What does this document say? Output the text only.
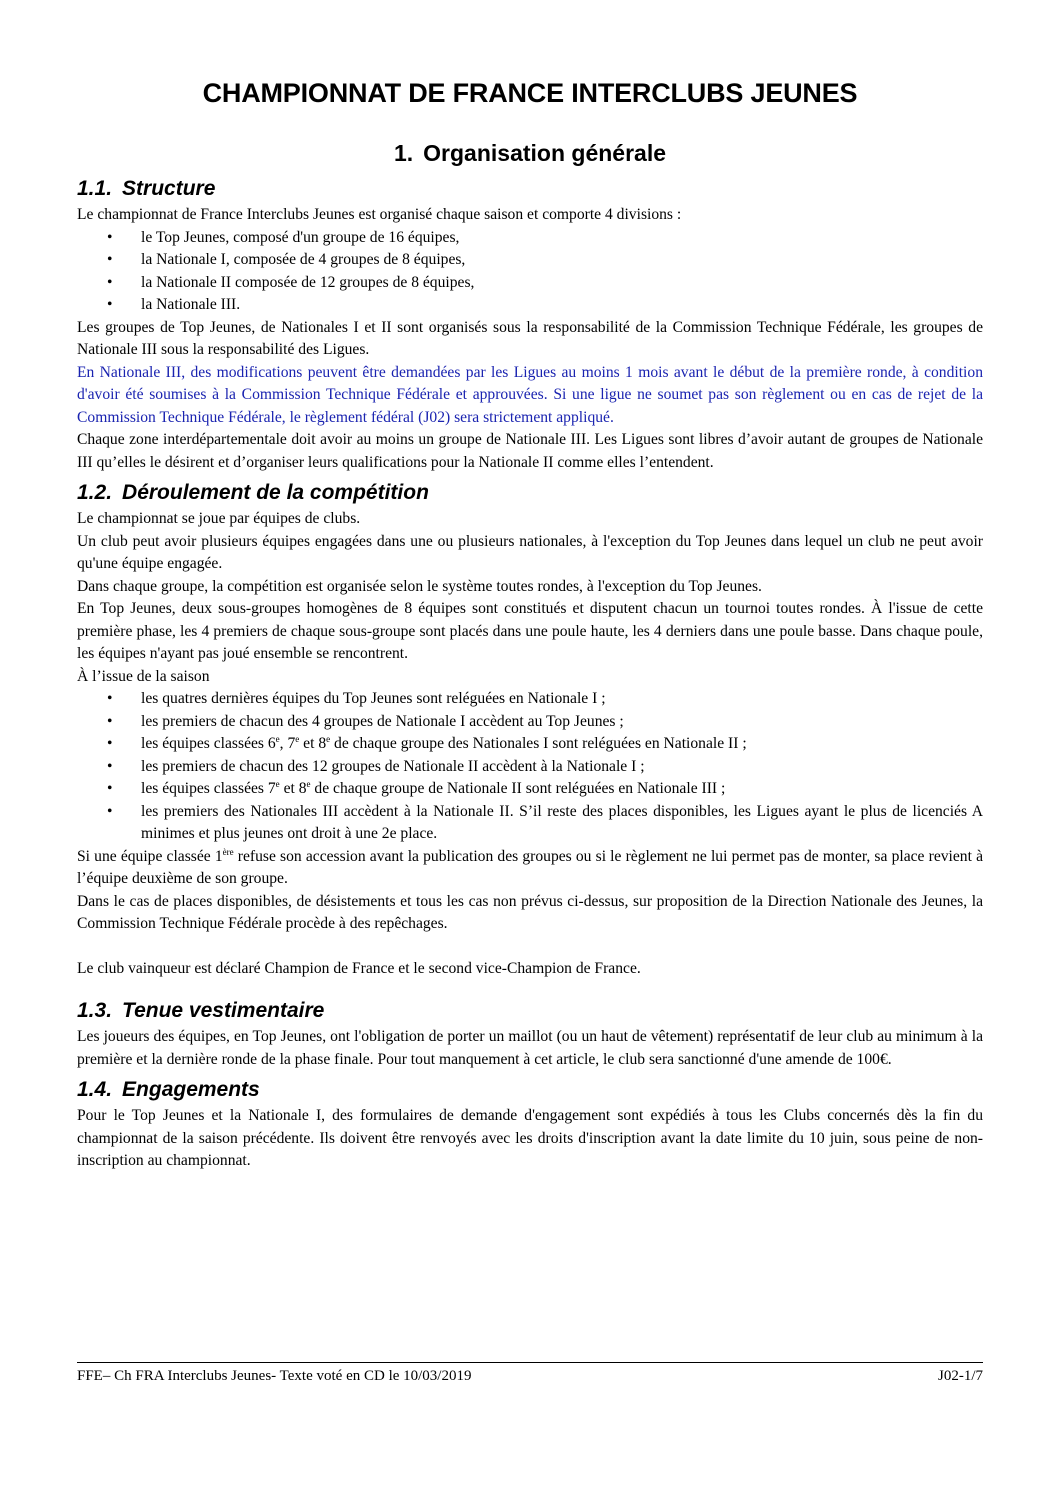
CHAMPIONNAT DE FRANCE INTERCLUBS JEUNES
1. Organisation générale
1.1. Structure

Le championnat de France Interclubs Jeunes est organisé chaque saison et comporte 4 divisions :

• le Top Jeunes, composé d'un groupe de 16 équipes,
• la Nationale I, composée de 4 groupes de 8 équipes,
• la Nationale II composée de 12 groupes de 8 équipes,
• la Nationale III.

Les groupes de Top Jeunes, de Nationales I et II sont organisés sous la responsabilité de la Commission Technique Fédérale, les groupes de Nationale III sous la responsabilité des Ligues.

En Nationale III, des modifications peuvent être demandées par les Ligues au moins 1 mois avant le début de la première ronde, à condition d'avoir été soumises à la Commission Technique Fédérale et approuvées. Si une ligue ne soumet pas son règlement ou en cas de rejet de la Commission Technique Fédérale, le règlement fédéral (J02) sera strictement appliqué.

Chaque zone interdépartementale doit avoir au moins un groupe de Nationale III. Les Ligues sont libres d’avoir autant de groupes de Nationale III qu’elles le désirent et d’organiser leurs qualifications pour la Nationale II comme elles l’entendent.

1.2. Déroulement de la compétition

Le championnat se joue par équipes de clubs.

Un club peut avoir plusieurs équipes engagées dans une ou plusieurs nationales, à l'exception du Top Jeunes dans lequel un club ne peut avoir qu'une équipe engagée.

Dans chaque groupe, la compétition est organisée selon le système toutes rondes, à l'exception du Top Jeunes.

En Top Jeunes, deux sous-groupes homogènes de 8 équipes sont constitués et disputent chacun un tournoi toutes rondes. À l'issue de cette première phase, les 4 premiers de chaque sous-groupe sont placés dans une poule haute, les 4 derniers dans une poule basse. Dans chaque poule, les équipes n'ayant pas joué ensemble se rencontrent.

À l’issue de la saison

• les quatres dernières équipes du Top Jeunes sont reléguées en Nationale I ;
• les premiers de chacun des 4 groupes de Nationale I accèdent au Top Jeunes ;
• les équipes classées 6e, 7e et 8e de chaque groupe des Nationales I sont reléguées en Nationale II ;
• les premiers de chacun des 12 groupes de Nationale II accèdent à la Nationale I ;
• les équipes classées 7e et 8e de chaque groupe de Nationale II sont reléguées en Nationale III ;
• les premiers des Nationales III accèdent à la Nationale II. S’il reste des places disponibles, les Ligues ayant le plus de licenciés A minimes et plus jeunes ont droit à une 2e place.

Si une équipe classée 1ère refuse son accession avant la publication des groupes ou si le règlement ne lui permet pas de monter, sa place revient à l’équipe deuxième de son groupe.

Dans le cas de places disponibles, de désistements et tous les cas non prévus ci-dessus, sur proposition de la Direction Nationale des Jeunes, la Commission Technique Fédérale procède à des repêchages.

Le club vainqueur est déclaré Champion de France et le second vice-Champion de France.

1.3. Tenue vestimentaire

Les joueurs des équipes, en Top Jeunes, ont l'obligation de porter un maillot (ou un haut de vêtement) représentatif de leur club au minimum à la première et la dernière ronde de la phase finale. Pour tout manquement à cet article, le club sera sanctionné d'une amende de 100€.

1.4. Engagements

Pour le Top Jeunes et la Nationale I, des formulaires de demande d'engagement sont expédiés à tous les Clubs concernés dès la fin du championnat de la saison précédente. Ils doivent être renvoyés avec les droits d'inscription avant la date limite du 10 juin, sous peine de non-inscription au championnat.

FFE– Ch FRA Interclubs Jeunes- Texte voté en CD le 10/03/2019	J02-1/7
